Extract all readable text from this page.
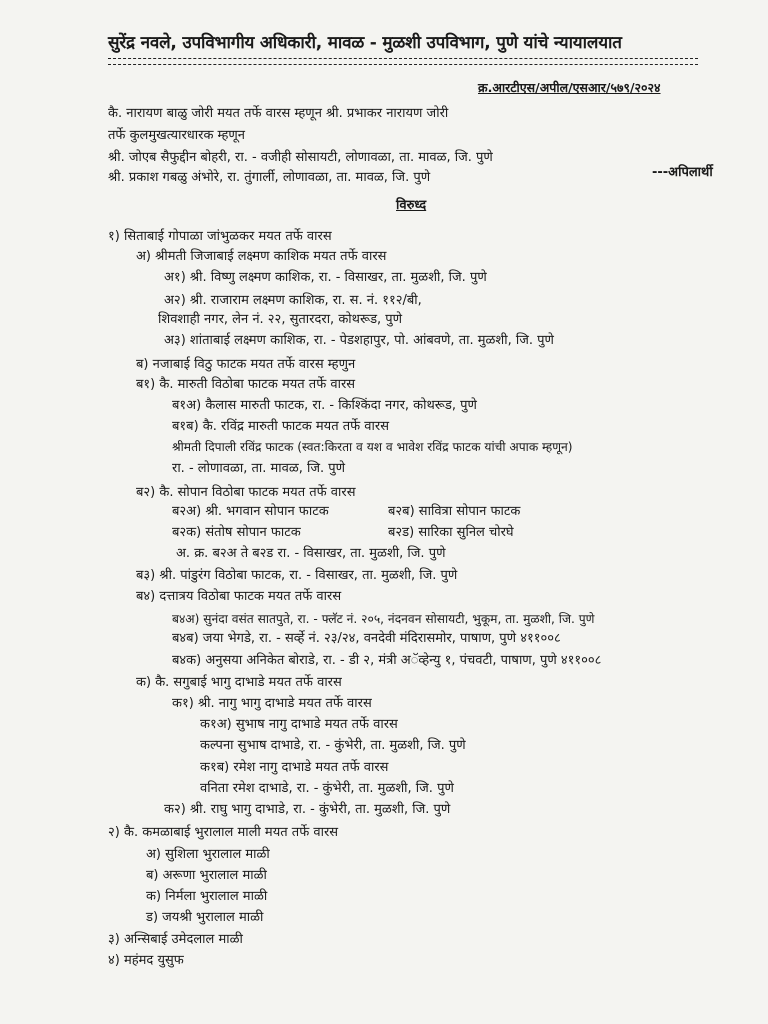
सुरेंद्र नवले, उपविभागीय अधिकारी, मावळ - मुळशी उपविभाग, पुणे यांचे न्यायालयात
क्र.आरटीएस/अपील/एसआर/५७९/२०२४
कै. नारायण बाळु जोरी मयत तर्फे वारस म्हणून श्री. प्रभाकर नारायण जोरी
तर्फे कुलमुखत्यारधारक म्हणून
श्री. जोएब सैफुद्दीन बोहरी, रा. - वजीही सोसायटी, लोणावळा, ता. मावळ, जि. पुणे
श्री. प्रकाश गबळु अंभोरे, रा. तुंगार्ली, लोणावळा, ता. मावळ, जि. पुणे	---अपिलार्थी
विरुध्द
१) सिताबाई गोपाळा जांभुळकर मयत तर्फे वारस
अ) श्रीमती जिजाबाई लक्ष्मण काशिक मयत तर्फे वारस
अ१) श्री. विष्णु लक्ष्मण काशिक, रा. - विसाखर, ता. मुळशी, जि. पुणे
अ२) श्री. राजाराम लक्ष्मण काशिक, रा. स. नं. ११२/बी,
शिवशाही नगर, लेन नं. २२, सुतारदरा, कोथरूड, पुणे
अ३) शांताबाई लक्ष्मण काशिक, रा. - पेडशहापुर, पो. आंबवणे, ता. मुळशी, जि. पुणे
ब) नजाबाई विठु फाटक मयत तर्फे वारस म्हणुन
ब१) कै. मारुती विठोबा फाटक मयत तर्फे वारस
ब१अ) कैलास मारुती फाटक, रा. - किश्किंदा नगर, कोथरूड, पुणे
ब१ब) कै. रविंद्र मारुती फाटक मयत तर्फे वारस
श्रीमती दिपाली रविंद्र फाटक (स्वत:किरता व यश व भावेश रविंद्र फाटक यांची अपाक म्हणून)
रा. - लोणावळा, ता. मावळ, जि. पुणे
ब२) कै. सोपान विठोबा फाटक मयत तर्फे वारस
ब२अ) श्री. भगवान सोपान फाटक	ब२ब) सावित्रा सोपान फाटक
ब२क) संतोष सोपान फाटक	ब२ड) सारिका सुनिल चोरघे
अ. क्र. ब२अ ते ब२ड रा. - विसाखर, ता. मुळशी, जि. पुणे
ब३) श्री. पांडुरंग विठोबा फाटक, रा. - विसाखर, ता. मुळशी, जि. पुणे
ब४) दत्तात्रय विठोबा फाटक मयत तर्फे वारस
ब४अ) सुनंदा वसंत सातपुते, रा. - फ्लॅट नं. २०५, नंदनवन सोसायटी, भुकूम, ता. मुळशी, जि. पुणे
ब४ब) जया भेगडे, रा. - सर्व्हे नं. २३/२४, वनदेवी मंदिरासमोर, पाषाण, पुणे ४११००८
ब४क) अनुसया अनिकेत बोराडे, रा. - डी २, मंत्री अॅव्हेन्यु १, पंचवटी, पाषाण, पुणे ४११००८
क) कै. सगुबाई भागु दाभाडे मयत तर्फे वारस
क१) श्री. नागु भागु दाभाडे मयत तर्फे वारस
क१अ) सुभाष नागु दाभाडे मयत तर्फे वारस
कल्पना सुभाष दाभाडे, रा. - कुंभेरी, ता. मुळशी, जि. पुणे
क१ब) रमेश नागु दाभाडे मयत तर्फे वारस
वनिता रमेश दाभाडे, रा. - कुंभेरी, ता. मुळशी, जि. पुणे
क२) श्री. राघु भागु दाभाडे, रा. - कुंभेरी, ता. मुळशी, जि. पुणे
२) कै. कमळाबाई भुरालाल माली मयत तर्फे वारस
अ) सुशिला भुरालाल माळी
ब) अरूणा भुरालाल माळी
क) निर्मला भुरालाल माळी
ड) जयश्री भुरालाल माळी
३) अन्सिबाई उमेदलाल माळी
४) महंमद युसुफ
